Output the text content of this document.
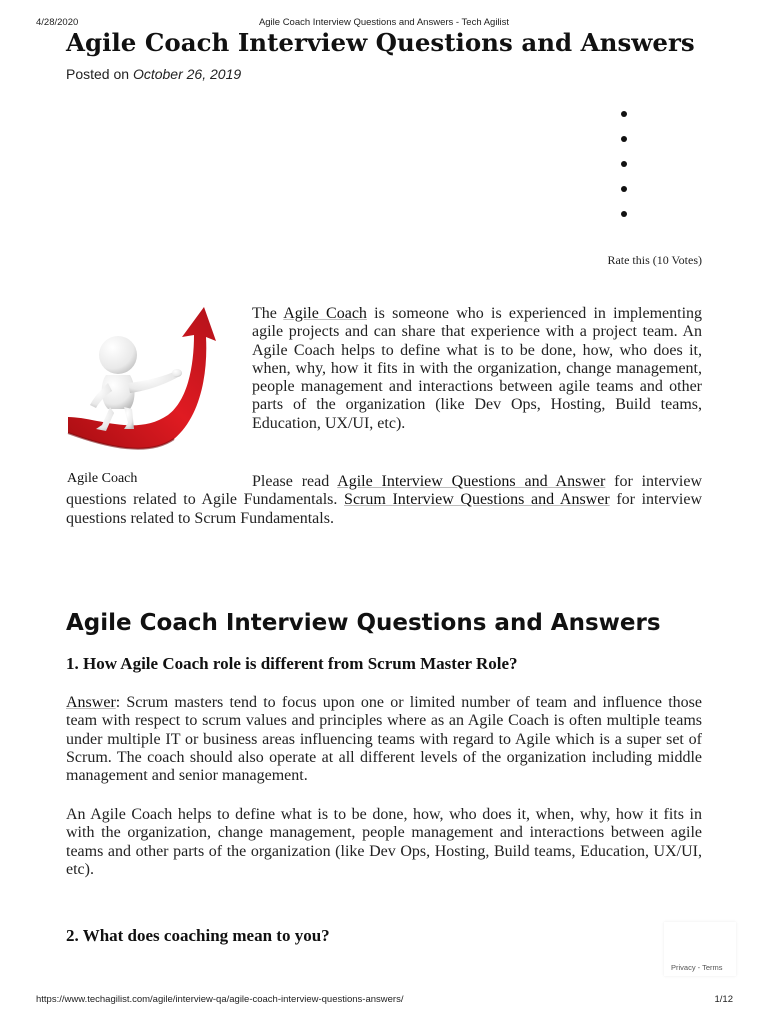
4/28/2020	Agile Coach Interview Questions and Answers - Tech Agilist
Agile Coach Interview Questions and Answers
Posted on October 26, 2019
Rate this (10 Votes)
Agile Coach

The Agile Coach is someone who is experienced in implementing agile projects and can share that experience with a project team. An Agile Coach helps to define what is to be done, how, who does it, when, why, how it fits in with the organization, change management, people management and interactions between agile teams and other parts of the organization (like Dev Ops, Hosting, Build teams, Education, UX/UI, etc).

Please read Agile Interview Questions and Answer for interview questions related to Agile Fundamentals. Scrum Interview Questions and Answer for interview questions related to Scrum Fundamentals.

Agile Coach Interview Questions and Answers
1. How Agile Coach role is different from Scrum Master Role?

Answer: Scrum masters tend to focus upon one or limited number of team and influence those team with respect to scrum values and principles where as an Agile Coach is often multiple teams under multiple IT or business areas influencing teams with regard to Agile which is a super set of Scrum. The coach should also operate at all different levels of the organization including middle management and senior management.

An Agile Coach helps to define what is to be done, how, who does it, when, why, how it fits in with the organization, change management, people management and interactions between agile teams and other parts of the organization (like Dev Ops, Hosting, Build teams, Education, UX/UI, etc).

2. What does coaching mean to you?
Privacy - Terms
https://www.techagilist.com/agile/interview-qa/agile-coach-interview-questions-answers/	1/12
